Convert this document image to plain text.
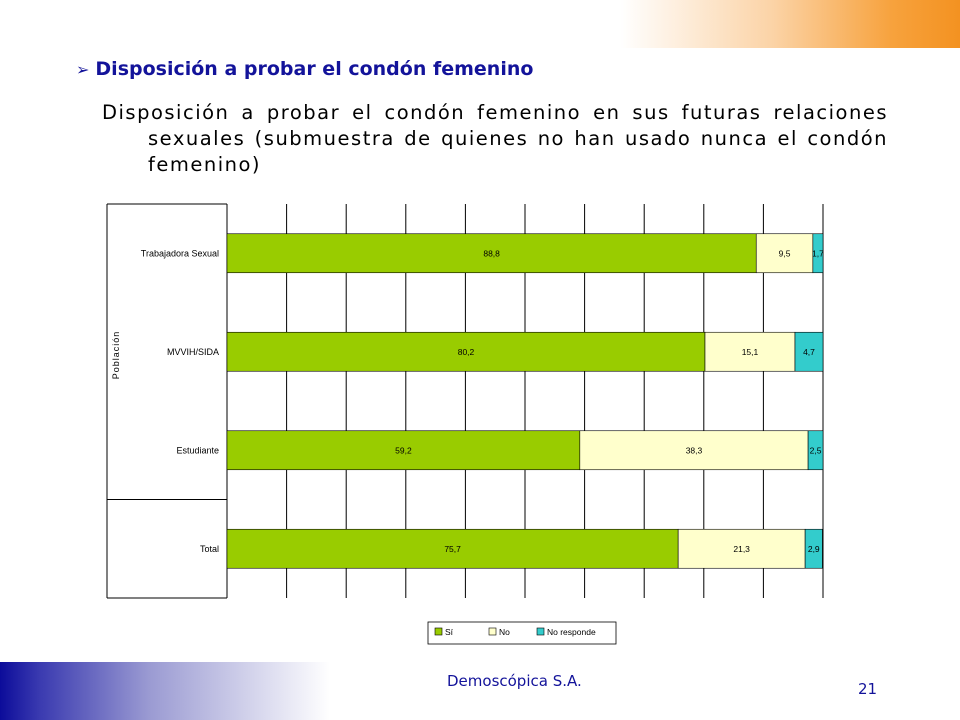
➢ Disposición a probar el condón femenino

Disposición a probar el condón femenino en sus futuras relaciones sexuales (submuestra de quienes no han usado nunca el condón femenino)

Población
Trabajadora Sexual	88,8	9,5	1,7
MVVIH/SIDA	80,2	15,1	4,7
Estudiante	59,2	38,3	2,5
Total	75,7	21,3	2,9
Sí	No	No responde
Demoscópica S.A.	21
